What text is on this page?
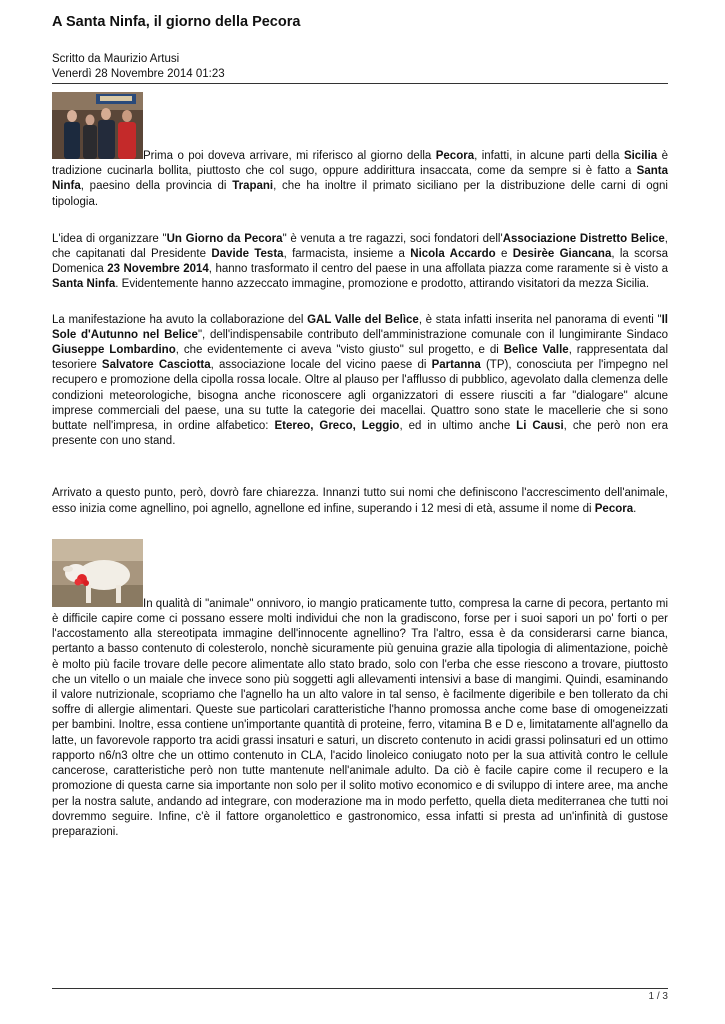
A Santa Ninfa, il giorno della Pecora
Scritto da Maurizio Artusi
Venerdì 28 Novembre 2014 01:23

Prima o poi doveva arrivare, mi riferisco al giorno della Pecora, infatti, in alcune parti della Sicilia è tradizione cucinarla bollita, piuttosto che col sugo, oppure addirittura insaccata, come da sempre si è fatto a Santa Ninfa, paesino della provincia di Trapani, che ha inoltre il primato siciliano per la distribuzione delle carni di ogni tipologia.

L'idea di organizzare "Un Giorno da Pecora" è venuta a tre ragazzi, soci fondatori dell'Associazione Distretto Belice, che capitanati dal Presidente Davide Testa, farmacista, insieme a Nicola Accardo e Desirèe Giancana, la scorsa Domenica 23 Novembre 2014, hanno trasformato il centro del paese in una affollata piazza come raramente si è visto a Santa Ninfa. Evidentemente hanno azzeccato immagine, promozione e prodotto, attirando visitatori da mezza Sicilia.

La manifestazione ha avuto la collaborazione del GAL Valle del Belìce, è stata infatti inserita nel panorama di eventi "Il Sole d'Autunno nel Belice", dell'indispensabile contributo dell'amministrazione comunale con il lungimirante Sindaco Giuseppe Lombardino, che evidentemente ci aveva "visto giusto" sul progetto, e di Belìce Valle, rappresentata dal tesoriere Salvatore Casciotta, associazione locale del vicino paese di Partanna (TP), conosciuta per l'impegno nel recupero e promozione della cipolla rossa locale. Oltre al plauso per l'afflusso di pubblico, agevolato dalla clemenza delle condizioni meteorologiche, bisogna anche riconoscere agli organizzatori di essere riusciti a far "dialogare" alcune imprese commerciali del paese, una su tutte la categorie dei macellai. Quattro sono state le macellerie che si sono buttate nell'impresa, in ordine alfabetico: Etereo, Greco, Leggio, ed in ultimo anche Li Causi, che però non era presente con uno stand.

Arrivato a questo punto, però, dovrò fare chiarezza. Innanzi tutto sui nomi che definiscono l'accrescimento dell'animale, esso inizia come agnellino, poi agnello, agnellone ed infine, superando i 12 mesi di età, assume il nome di Pecora.

In qualità di "animale" onnivoro, io mangio praticamente tutto, compresa la carne di pecora, pertanto mi è difficile capire come ci possano essere molti individui che non la gradiscono, forse per i suoi sapori un po' forti o per l'accostamento alla stereotipata immagine dell'innocente agnellino? Tra l'altro, essa è da considerarsi carne bianca, pertanto a basso contenuto di colesterolo, nonchè sicuramente più genuina grazie alla tipologia di alimentazione, poichè è molto più facile trovare delle pecore alimentate allo stato brado, solo con l'erba che esse riescono a trovare, piuttosto che un vitello o un maiale che invece sono più soggetti agli allevamenti intensivi a base di mangimi. Quindi, esaminando il valore nutrizionale, scopriamo che l'agnello ha un alto valore in tal senso, è facilmente digeribile e ben tollerato da chi soffre di allergie alimentari. Queste sue particolari caratteristiche l'hanno promossa anche come base di omogeneizzati per bambini. Inoltre, essa contiene un'importante quantità di proteine, ferro, vitamina B e D e, limitatamente all'agnello da latte, un favorevole rapporto tra acidi grassi insaturi e saturi, un discreto contenuto in acidi grassi polinsaturi ed un ottimo rapporto n6/n3 oltre che un ottimo contenuto in CLA, l'acido linoleico coniugato noto per la sua attività contro le cellule cancerose, caratteristiche però non tutte mantenute nell'animale adulto. Da ciò è facile capire come il recupero e la promozione di questa carne sia importante non solo per il solito motivo economico e di sviluppo di intere aree, ma anche per la nostra salute, andando ad integrare, con moderazione ma in modo perfetto, quella dieta mediterranea che tutti noi dovremmo seguire. Infine, c'è il fattore organolettico e gastronomico, essa infatti si presta ad un'infinità di gustose preparazioni.

1 / 3
